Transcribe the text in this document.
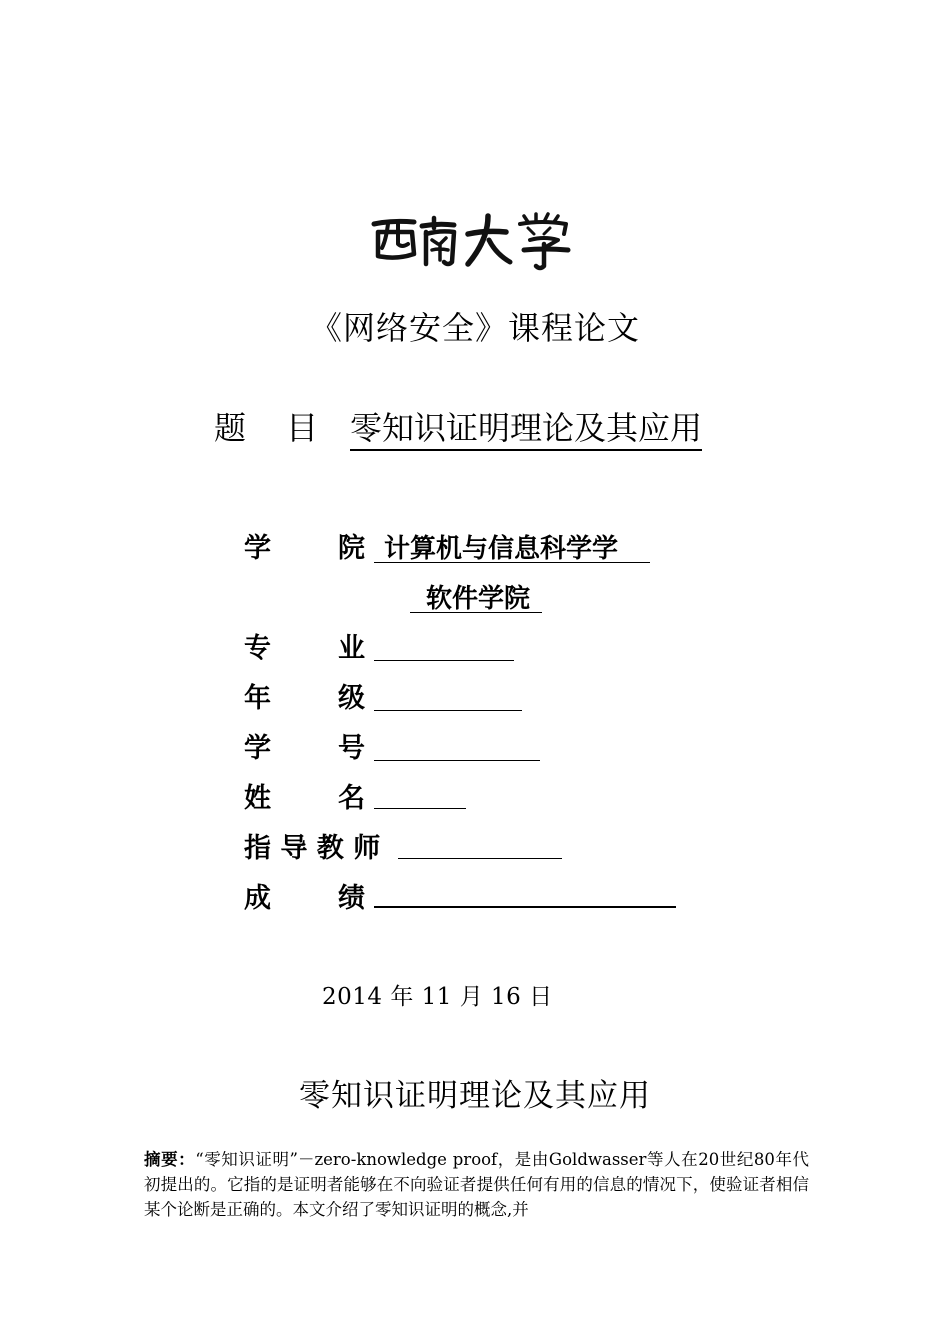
《网络安全》课程论文
题 目 零知识证明理论及其应用
学 院 计算机与信息科学学
软件学院
专 业
年 级
学 号
姓 名
指 导 教 师
成 绩
2014 年 11 月 16 日
零知识证明理论及其应用
摘要：“零知识证明”－zero-knowledge proof，是由Goldwasser等人在20世纪80年代初提出的。它指的是证明者能够在不向验证者提供任何有用的信息的情况下，使验证者相信某个论断是正确的。本文介绍了零知识证明的概念,并
